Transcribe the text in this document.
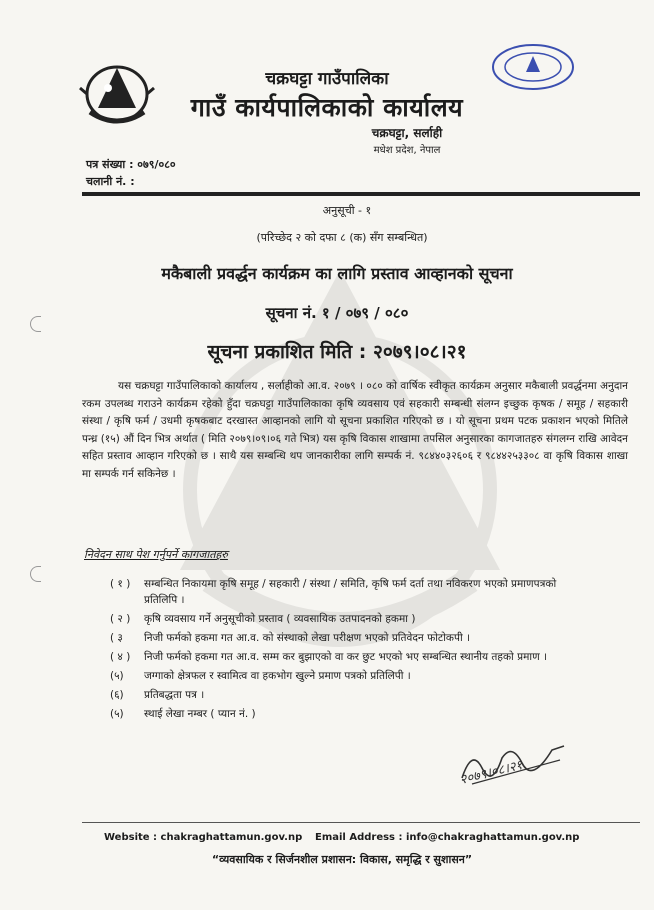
चक्रघट्टा गाउँपालिका
गाउँ कार्यपालिकाको कार्यालय
चक्रघट्टा, सर्लाही
मधेश प्रदेश, नेपाल
पत्र संख्या : ०७९/०८०
चलानी नं. :
अनुसूची - १
(परिच्छेद २ को दफा ८ (क) सँग सम्बन्धित)
मकैबाली प्रवर्द्धन कार्यक्रम का लागि प्रस्ताव आव्हानको सूचना
सूचना नं. १ / ०७९ / ०८०
सूचना प्रकाशित मिति : २०७९।०८।२१
यस चक्रघट्टा गाउँपालिकाको कार्यालय , सर्लाहीको आ.व. २०७९ । ०८० को वार्षिक स्वीकृत कार्यक्रम अनुसार मकैबाली प्रवर्द्धनमा अनुदान रकम उपलब्ध गराउने कार्यक्रम रहेको हुँदा चक्रघट्टा गाउँपालिकाका कृषि व्यवसाय एवं सहकारी सम्बन्धी संलग्न इच्छुक कृषक / समूह / सहकारी संस्था / कृषि फर्म / उधमी कृषकबाट दरखास्त आव्हानको लागि यो सूचना प्रकाशित गरिएको छ । यो सूचना प्रथम पटक प्रकाशन भएको मितिले पन्ध्र (१५) औं दिन भित्र अर्थात ( मिति २०७९।०९।०६ गते भित्र) यस कृषि विकास शाखामा तपसिल अनुसारका कागजातहरु संगलग्न राखि आवेदन सहित प्रस्ताव आव्हान गरिएको छ । साथै यस सम्बन्धि थप जानकारीका लागि सम्पर्क नं. ९८४४०३२६०६ र ९८४४२५३३०८ वा कृषि विकास शाखा मा सम्पर्क गर्न सकिनेछ ।
निवेदन साथ पेश गर्नुपर्ने कागजातहरु
( १ )	सम्बन्धित निकायमा कृषि समूह / सहकारी / संस्था / समिति, कृषि फर्म दर्ता तथा नविकरण भएको प्रमाणपत्रको प्रतिलिपि ।
( २ )	कृषि व्यवसाय गर्ने अनुसूचीको प्रस्ताव ( व्यवसायिक उतपादनको हकमा )
( ३	निजी फर्मको हकमा गत आ.व. को संस्थाको लेखा परीक्षण भएको प्रतिवेदन फोटोकपी ।
( ४ )	निजी फर्मको हकमा गत आ.व. सम्म कर बुझाएको वा कर छुट भएको भए सम्बन्धित स्थानीय तहको प्रमाण ।
(५)	जग्गाको क्षेत्रफल र स्वामित्व वा हकभोग खुल्ने प्रमाण पत्रको प्रतिलिपी ।
(६)	प्रतिबद्धता पत्र ।
(५)	स्थाई लेखा नम्बर ( प्यान नं. )
२०७९।०८।२१
Website : chakraghattamun.gov.np Email Address : info@chakraghattamun.gov.np
“व्यवसायिक र सिर्जनशील प्रशासन: विकास, समृद्धि र सुशासन”
